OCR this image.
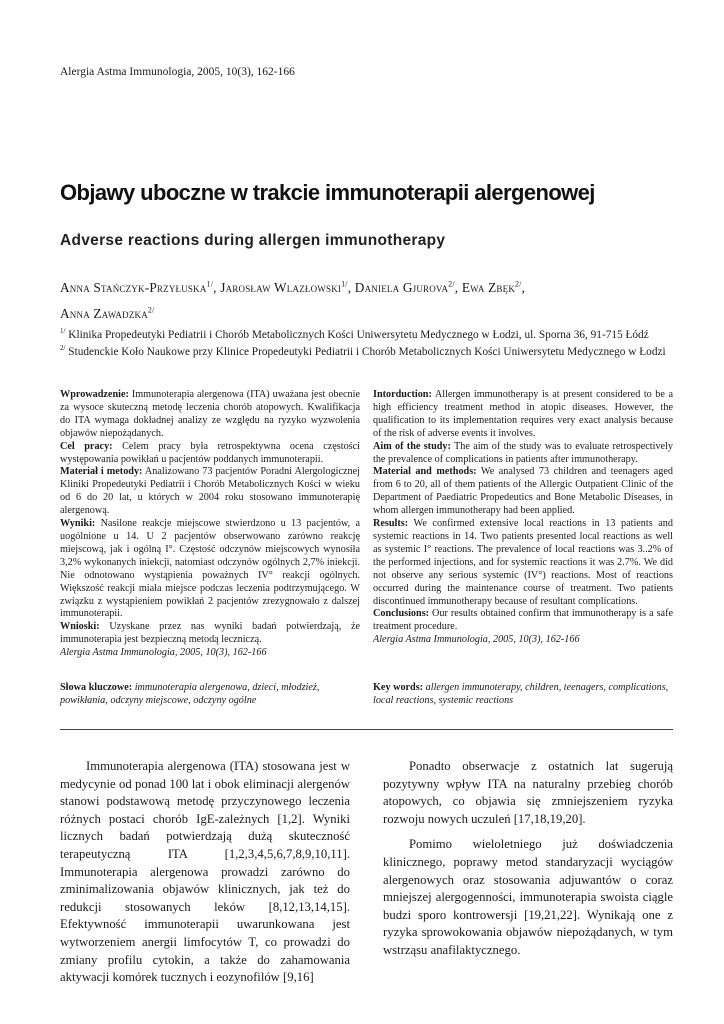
Alergia Astma Immunologia, 2005, 10(3), 162-166
Objawy uboczne w trakcie immunoterapii alergenowej
Adverse reactions during allergen immunotherapy
Anna Stańczyk-Przyłuska$^{1/}$, Jarosław Wlazłowski$^{1/}$, Daniela Gjurova$^{2/}$, Ewa Zbęk$^{2/}$,
Anna Zawadzka$^{2/}$
$^{1/}$ Klinika Propedeutyki Pediatrii i Chorób Metabolicznych Kości Uniwersytetu Medycznego w Łodzi, ul. Sporna 36, 91-715 Łódź
$^{2/}$ Studenckie Koło Naukowe przy Klinice Propedeutyki Pediatrii i Chorób Metabolicznych Kości Uniwersytetu Medycznego w Łodzi

Wprowadzenie: Immunoterapia alergenowa (ITA) uważana jest obecnie za wysoce skuteczną metodę leczenia chorób atopowych. Kwalifikacja do ITA wymaga dokładnej analizy ze względu na ryzyko wyzwolenia objawów niepożądanych.

Cel pracy: Celem pracy była retrospektywna ocena częstości występowania powikłań u pacjentów poddanych immunoterapii.

Materiał i metody: Analizowano 73 pacjentów Poradni Alergologicznej Kliniki Propedeutyki Pediatrii i Chorób Metabolicznych Kości w wieku od 6 do 20 lat, u których w 2004 roku stosowano immunoterapię alergenową.

Wyniki: Nasilone reakcje miejscowe stwierdzono u 13 pacjentów, a uogólnione u 14. U 2 pacjentów obserwowano zarówno reakcję miejscową, jak i ogólną I°. Częstość odczynów miejscowych wynosiła 3,2% wykonanych iniekcji, natomiast odczynów ogólnych 2,7% iniekcji. Nie odnotowano wystąpienia poważnych IV° reakcji ogólnych. Większość reakcji miała miejsce podczas leczenia podtrzymującego. W związku z wystąpieniem powikłań 2 pacjentów zrezygnowało z dalszej immunoterapii.

Wnioski: Uzyskane przez nas wyniki badań potwierdzają, że immunoterapia jest bezpieczną metodą leczniczą.

Alergia Astma Immunologia, 2005, 10(3), 162-166

Intorduction: Allergen immunotherapy is at present considered to be a high efficiency treatment method in atopic diseases. However, the qualification to its implementation requires very exact analysis because of the risk of adverse events it involves.

Aim of the study: The aim of the study was to evaluate retrospectively the prevalence of complications in patients after immunotherapy.

Material and methods: We analysed 73 children and teenagers aged from 6 to 20, all of them patients of the Allergic Outpatient Clinic of the Department of Paediatric Propedeutics and Bone Metabolic Diseases, in whom allergen immunotherapy had been applied.

Results: We confirmed extensive local reactions in 13 patients and systemic reactions in 14. Two patients presented local reactions as well as systemic I° reactions. The prevalence of local reactions was 3..2% of the performed injections, and for systemic reactions it was 2.7%. We did not observe any serious systemic (IV°) reactions. Most of reactions occurred during the maintenance course of treatment. Two patients discontinued immunotherapy because of resultant complications.

Conclusions: Our results obtained confirm that immunotherapy is a safe treatment procedure.

Alergia Astma Immunologia, 2005, 10(3), 162-166

Słowa kluczowe: immunoterapia alergenowa, dzieci, młodzież, powikłania, odczyny miejscowe, odczyny ogólne
Key words: allergen immunoterapy, children, teenagers, complications, local reactions, systemic reactions

Immunoterapia alergenowa (ITA) stosowana jest w medycynie od ponad 100 lat i obok eliminacji alergenów stanowi podstawową metodę przyczynowego leczenia różnych postaci chorób IgE-zależnych [1,2]. Wyniki licznych badań potwierdzają dużą skuteczność terapeutyczną ITA [1,2,3,4,5,6,7,8,9,10,11]. Immunoterapia alergenowa prowadzi zarówno do zminimalizowania objawów klinicznych, jak też do redukcji stosowanych leków [8,12,13,14,15]. Efektywność immunoterapii uwarunkowana jest wytworzeniem anergii limfocytów T, co prowadzi do zmiany profilu cytokin, a także do zahamowania aktywacji komórek tucznych i eozynofilów [9,16]

Ponadto obserwacje z ostatnich lat sugerują pozytywny wpływ ITA na naturalny przebieg chorób atopowych, co objawia się zmniejszeniem ryzyka rozwoju nowych uczuleń [17,18,19,20].

Pomimo wieloletniego już doświadczenia klinicznego, poprawy metod standaryzacji wyciągów alergenowych oraz stosowania adjuwantów o coraz mniejszej alergogenności, immunoterapia swoista ciągle budzi sporo kontrowersji [19,21,22]. Wynikają one z ryzyka sprowokowania objawów niepożądanych, w tym wstrząsu anafilaktycznego.
